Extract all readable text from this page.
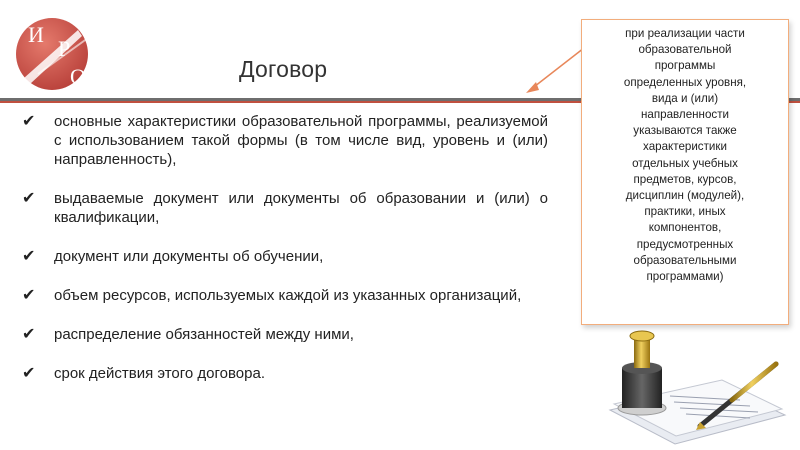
И
Р
О	Договор
✔ основные характеристики образовательной программы, реализуемой с использованием такой формы (в том числе вид, уровень и (или) направленность),
✔ выдаваемые документ или документы об образовании и (или) о квалификации,
✔ документ или документы об обучении,
✔ объем ресурсов, используемых каждой из указанных организаций,
✔ распределение обязанностей между ними,
✔ срок действия этого договора.
при реализации части
образовательной
программы
определенных уровня,
вида и (или)
направленности
указываются также
характеристики
отдельных учебных
предметов, курсов,
дисциплин (модулей),
практики, иных
компонентов,
предусмотренных
образовательными
программами)
